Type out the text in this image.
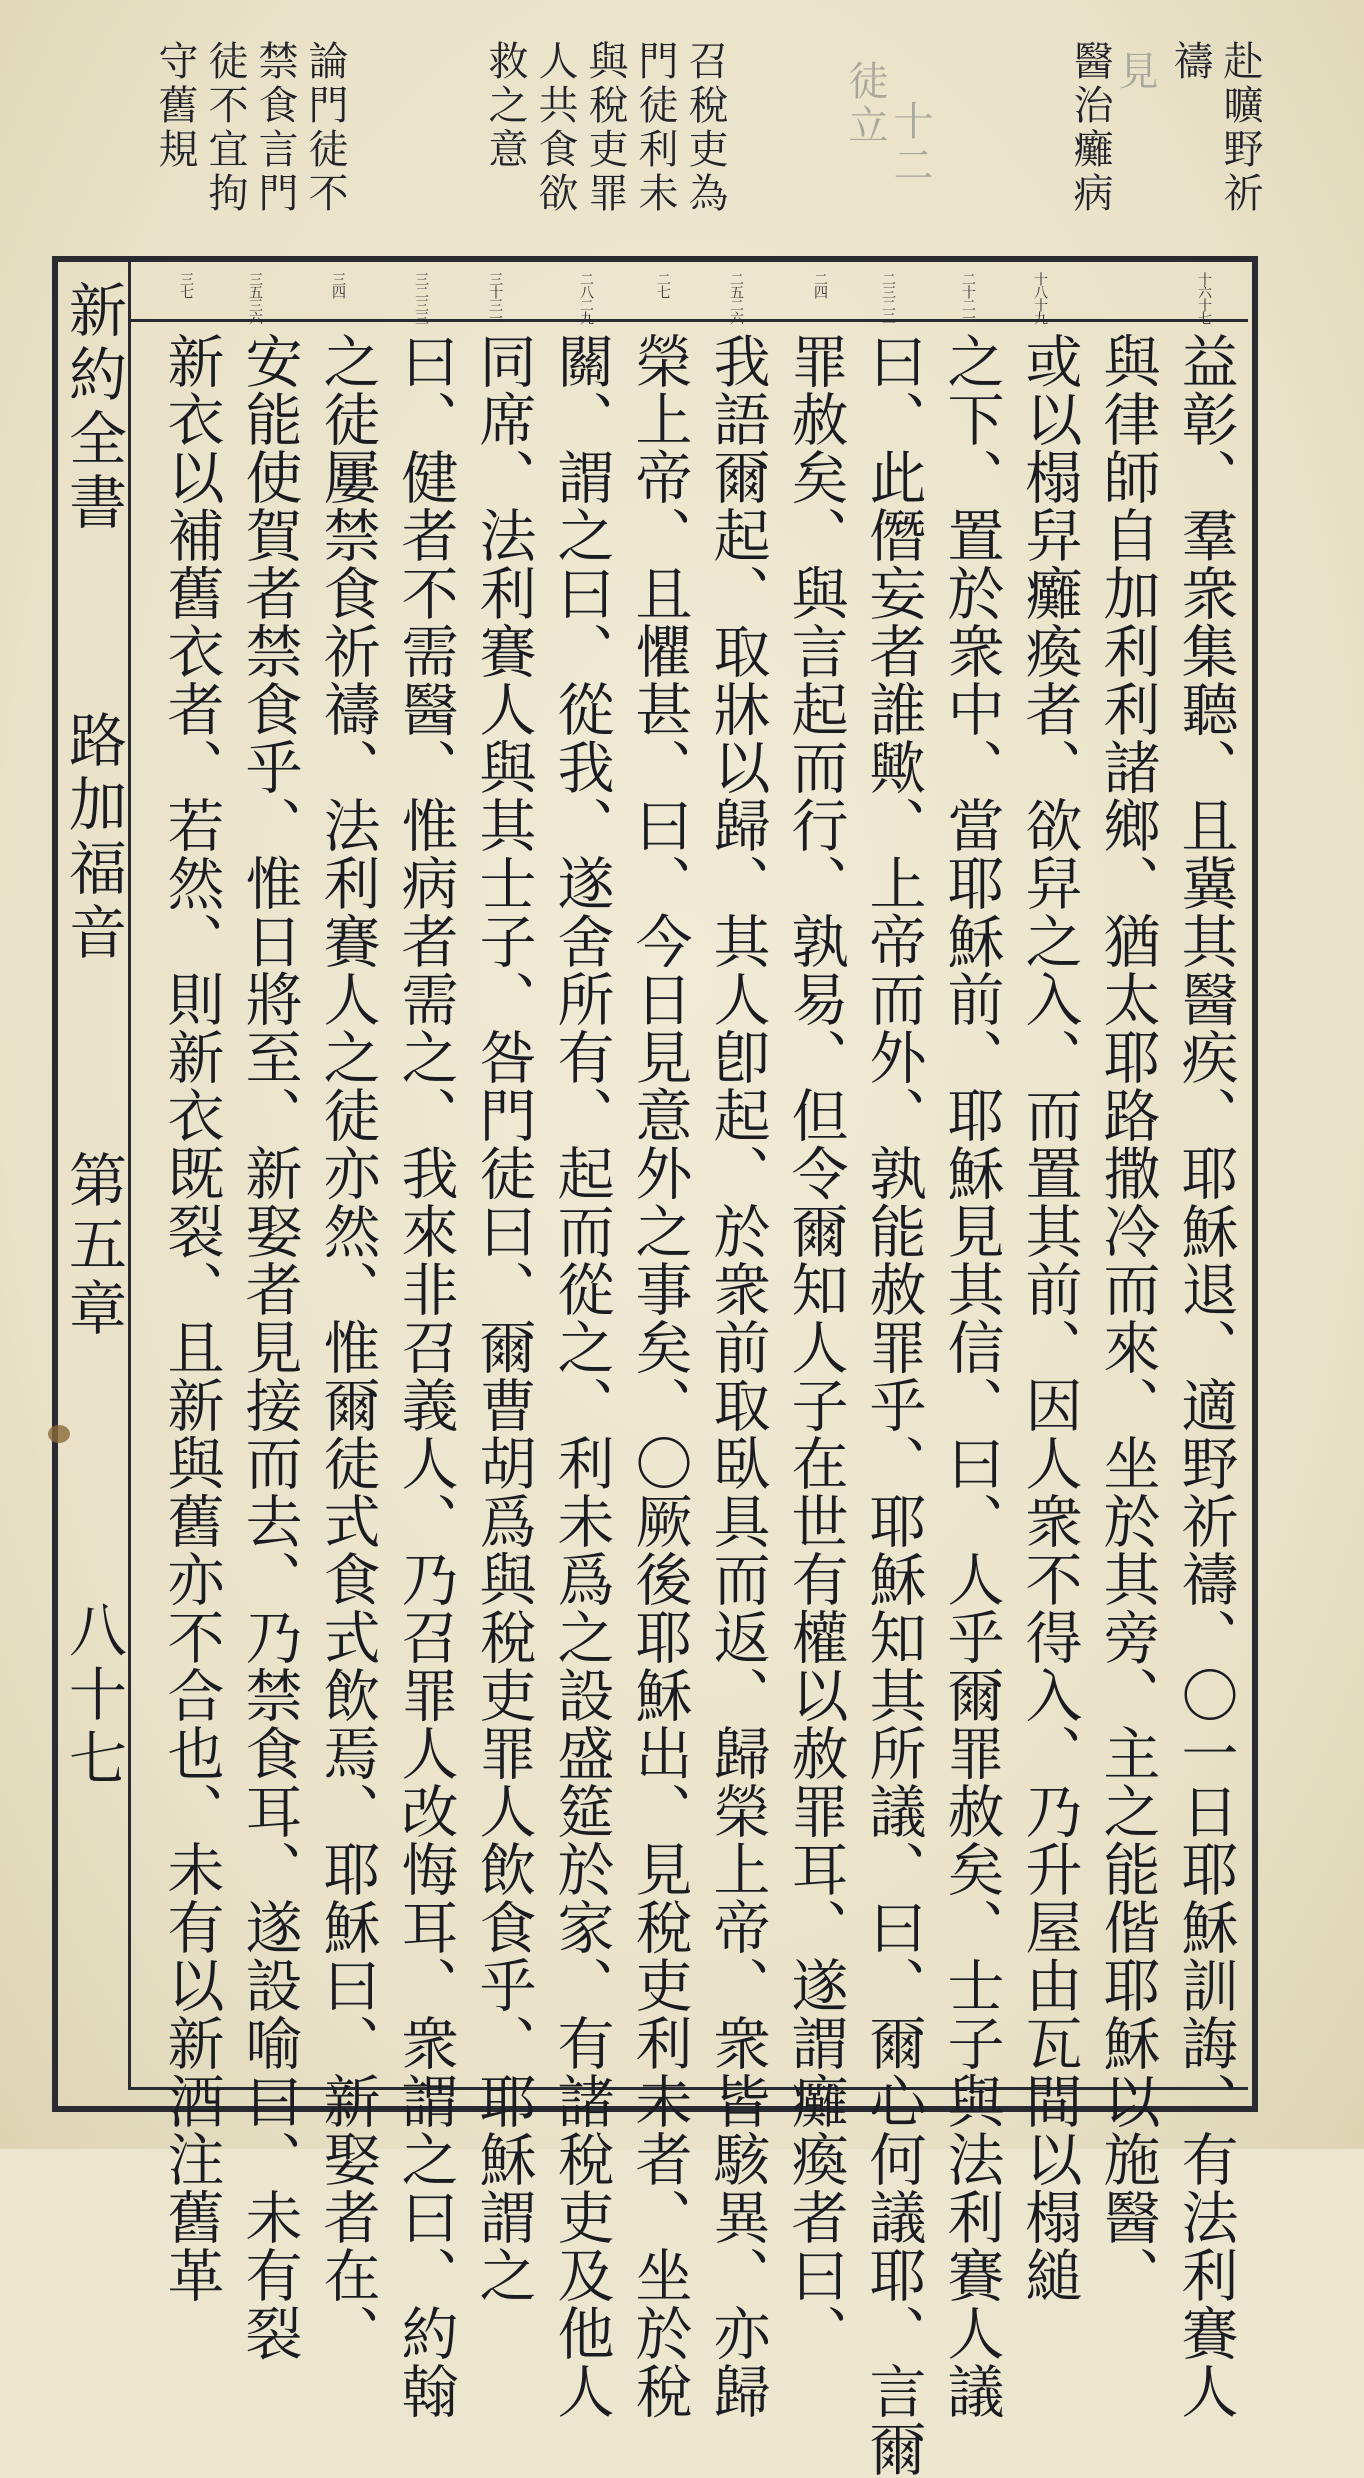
赴曠野祈禱
醫治癱病 見
徒立 十二
召稅吏為門徒利未與稅吏罪人共食欲救之意
論門徒不禁食言門徒不宜拘守舊規
十六十七
十八十九
二十二一
二三二二
二四
二五二六
二七
二八二九
三十三一
三二三三
三四
三五三六
三七
益彰、羣衆集聽、且冀其醫疾、耶穌退、適野祈禱、〇一日耶穌訓誨、有法利賽人
與律師自加利利諸鄉、猶太耶路撒冷而來、坐於其旁、主之能偕耶穌以施醫、
或以榻舁癱瘓者、欲舁之入、而置其前、因人衆不得入、乃升屋由瓦間以榻縋
之下、置於衆中、當耶穌前、耶穌見其信、曰、人乎爾罪赦矣、士子與法利賽人議
曰、此僭妄者誰歟、上帝而外、孰能赦罪乎、耶穌知其所議、曰、爾心何議耶、言爾
罪赦矣、與言起而行、孰易、但令爾知人子在世有權以赦罪耳、遂謂癱瘓者曰、
我語爾起、取牀以歸、其人卽起、於衆前取臥具而返、歸榮上帝、衆皆駭異、亦歸
榮上帝、且懼甚、曰、今日見意外之事矣、〇厥後耶穌出、見稅吏利未者、坐於稅
關、謂之曰、從我、遂舍所有、起而從之、利未爲之設盛筵於家、有諸稅吏及他人
同席、法利賽人與其士子、咎門徒曰、爾曹胡爲與稅吏罪人飲食乎、耶穌謂之
曰、健者不需醫、惟病者需之、我來非召義人、乃召罪人改悔耳、衆謂之曰、約翰
之徒屢禁食祈禱、法利賽人之徒亦然、惟爾徒式食式飲焉、耶穌曰、新娶者在、
安能使賀者禁食乎、惟日將至、新娶者見接而去、乃禁食耳、遂設喻曰、未有裂
新衣以補舊衣者、若然、則新衣既裂、且新與舊亦不合也、未有以新酒注舊革
新約全書
路加福音
第五章
八十七
